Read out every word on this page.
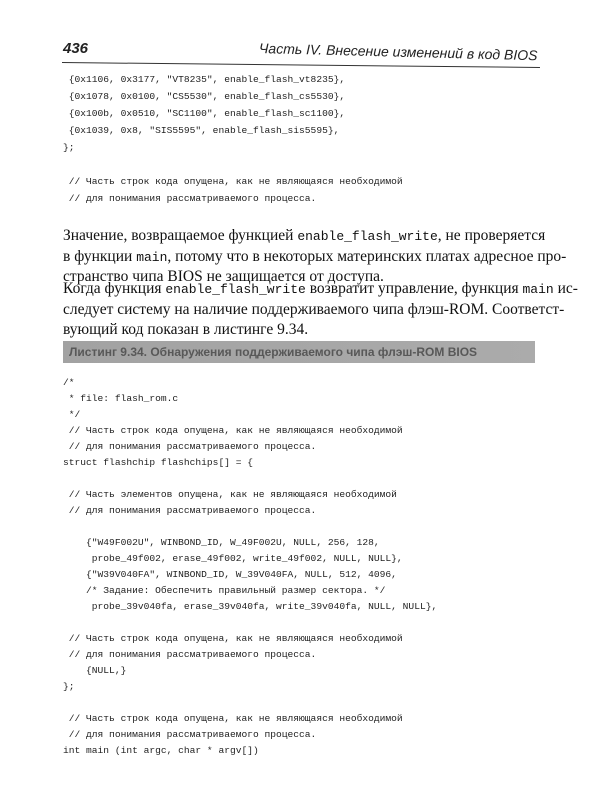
436	Часть IV. Внесение изменений в код BIOS
{0x1106, 0x3177, "VT8235", enable_flash_vt8235},
{0x1078, 0x0100, "CS5530", enable_flash_cs5530},
{0x100b, 0x0510, "SC1100", enable_flash_sc1100},
{0x1039, 0x8, "SIS5595", enable_flash_sis5595},
};
// Часть строк кода опущена, как не являющаяся необходимой
// для понимания рассматриваемого процесса.
Значение, возвращаемое функцией enable_flash_write, не проверяется
в функции main, потому что в некоторых материнских платах адресное про-
странство чипа BIOS не защищается от доступа.
Когда функция enable_flash_write возвратит управление, функция main ис-
следует систему на наличие поддерживаемого чипа флэш-ROM. Соответст-
вующий код показан в листинге 9.34.
Листинг 9.34. Обнаружения поддерживаемого чипа флэш-ROM BIOS
/*
* file: flash_rom.c
*/
// Часть строк кода опущена, как не являющаяся необходимой
// для понимания рассматриваемого процесса.
struct flashchip flashchips[] = {
// Часть элементов опущена, как не являющаяся необходимой
// для понимания рассматриваемого процесса.
{"W49F002U", WINBOND_ID, W_49F002U, NULL, 256, 128,
probe_49f002, erase_49f002, write_49f002, NULL, NULL},
{"W39V040FA", WINBOND_ID, W_39V040FA, NULL, 512, 4096,
/* Задание: Обеспечить правильный размер сектора. */
probe_39v040fa, erase_39v040fa, write_39v040fa, NULL, NULL},
// Часть строк кода опущена, как не являющаяся необходимой
// для понимания рассматриваемого процесса.
{NULL,}
};
// Часть строк кода опущена, как не являющаяся необходимой
// для понимания рассматриваемого процесса.
int main (int argc, char * argv[])
